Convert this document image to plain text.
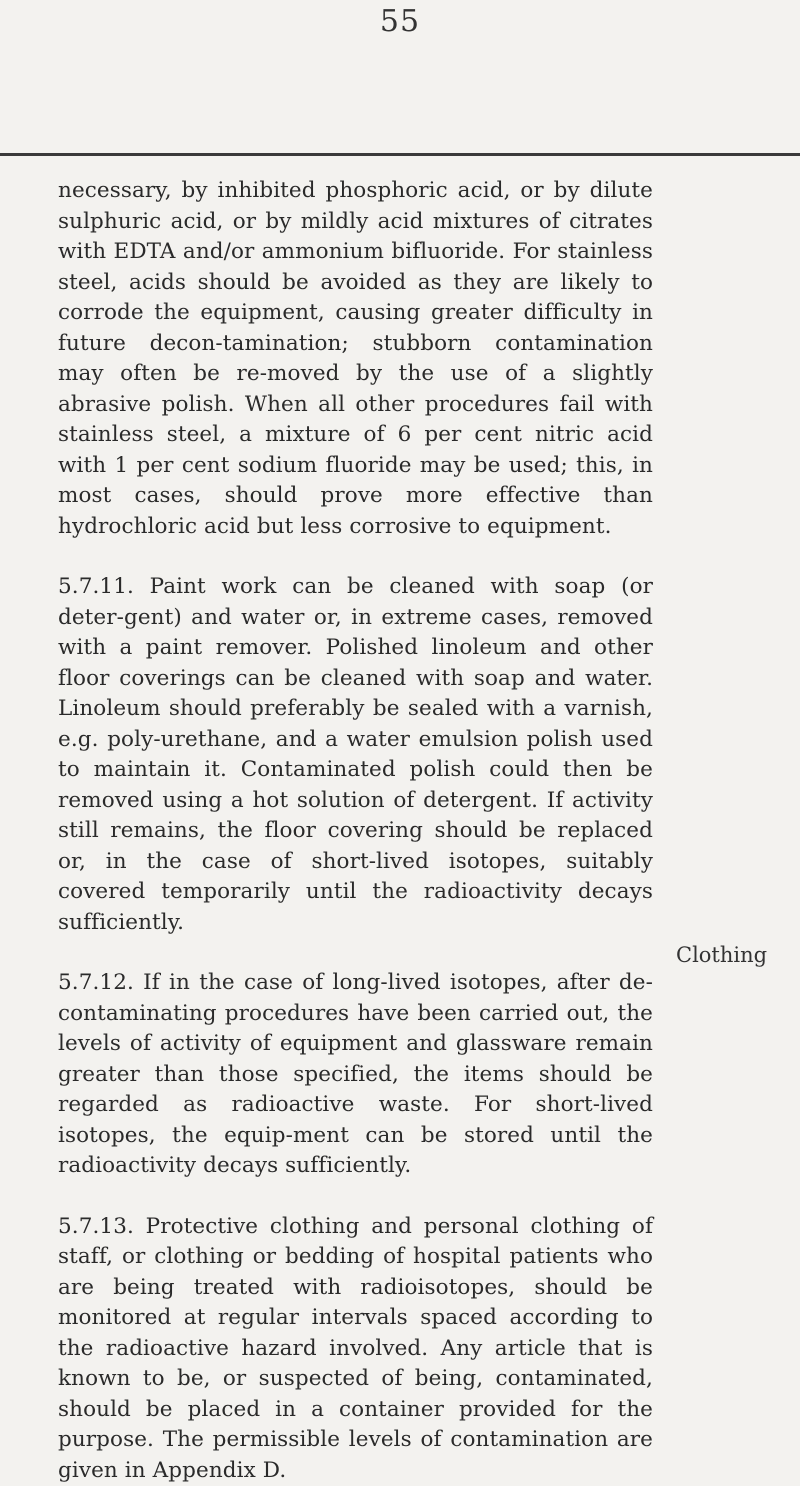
55

necessary, by inhibited phosphoric acid, or by dilute sulphuric acid, or by mildly acid mixtures of citrates with EDTA and/or ammonium bifluoride. For stainless steel, acids should be avoided as they are likely to corrode the equipment, causing greater difficulty in future decon-tamination; stubborn contamination may often be re-moved by the use of a slightly abrasive polish. When all other procedures fail with stainless steel, a mixture of 6 per cent nitric acid with 1 per cent sodium fluoride may be used; this, in most cases, should prove more effective than hydrochloric acid but less corrosive to equipment.

5.7.11. Paint work can be cleaned with soap (or deter-gent) and water or, in extreme cases, removed with a paint remover. Polished linoleum and other floor coverings can be cleaned with soap and water. Linoleum should preferably be sealed with a varnish, e.g. poly-urethane, and a water emulsion polish used to maintain it. Contaminated polish could then be removed using a hot solution of detergent. If activity still remains, the floor covering should be replaced or, in the case of short-lived isotopes, suitably covered temporarily until the radioactivity decays sufficiently.

5.7.12. If in the case of long-lived isotopes, after de-contaminating procedures have been carried out, the levels of activity of equipment and glassware remain greater than those specified, the items should be regarded as radioactive waste. For short-lived isotopes, the equip-ment can be stored until the radioactivity decays sufficiently.

5.7.13. Protective clothing and personal clothing of staff, or clothing or bedding of hospital patients who are being treated with radioisotopes, should be monitored at regular intervals spaced according to the radioactive hazard involved. Any article that is known to be, or suspected of being, contaminated, should be placed in a container provided for the purpose. The permissible levels of contamination are given in Appendix D.

Clothing
